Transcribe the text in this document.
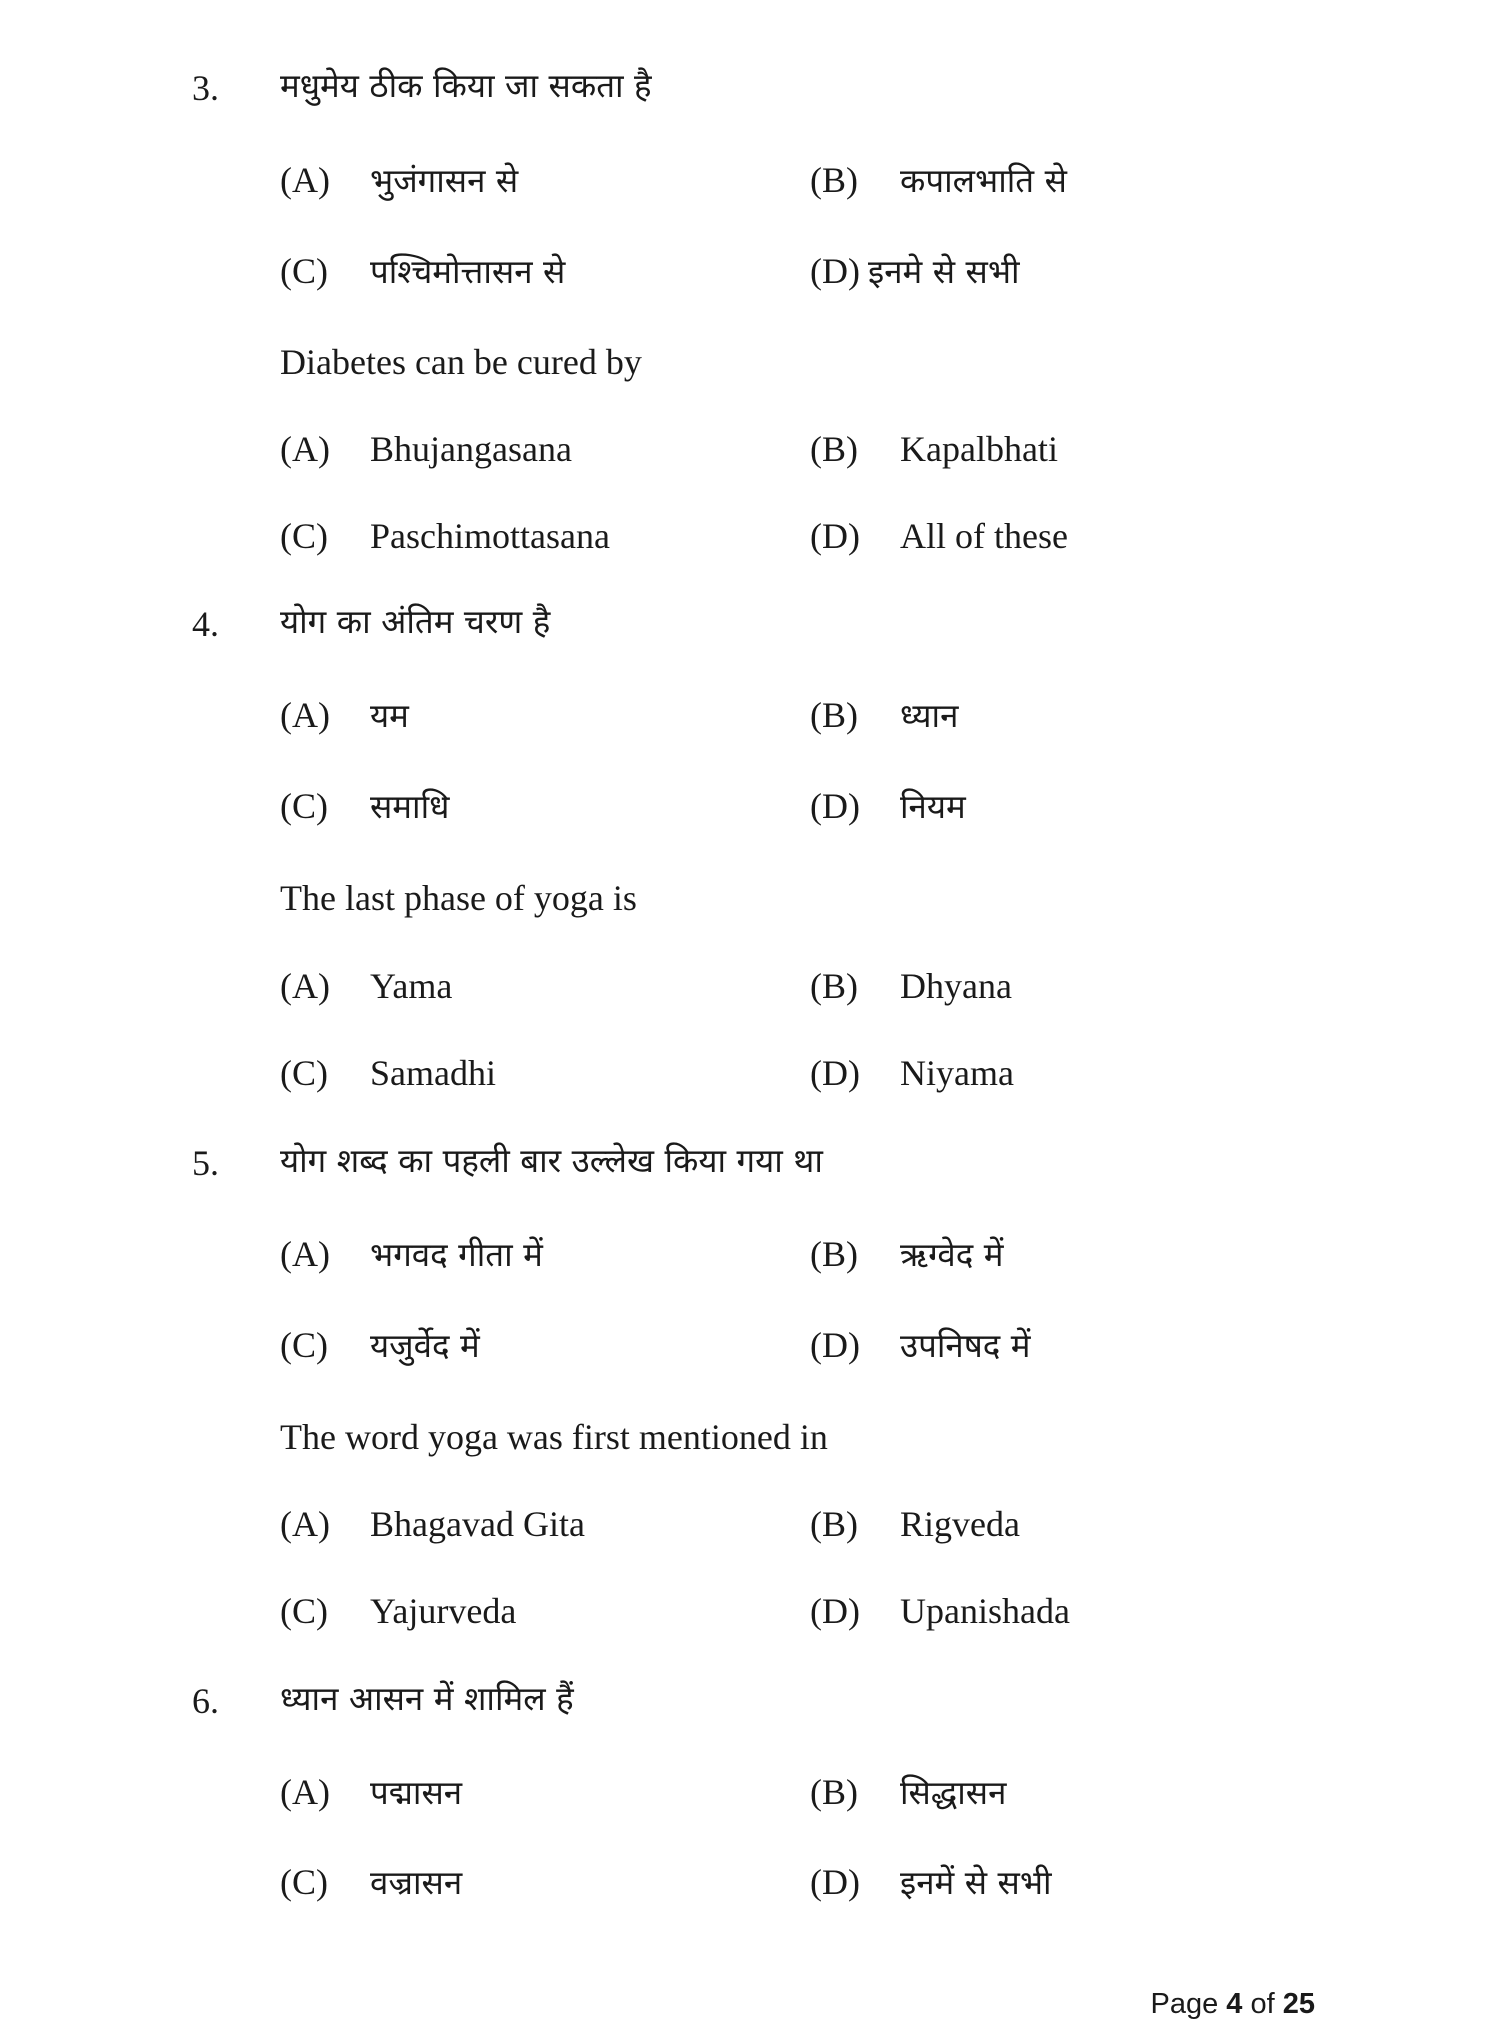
3. मधुमेय ठीक किया जा सकता है
(A) भुजंगासन से	(B) कपालभाति से
(C) पश्चिमोत्तासन से	(D) इनमे से सभी
Diabetes can be cured by
(A) Bhujangasana	(B) Kapalbhati
(C) Paschimottasana	(D) All of these
4. योग का अंतिम चरण है
(A) यम	(B) ध्यान
(C) समाधि	(D) नियम
The last phase of yoga is
(A) Yama	(B) Dhyana
(C) Samadhi	(D) Niyama
5. योग शब्द का पहली बार उल्लेख किया गया था
(A) भगवद गीता में	(B) ऋग्वेद में
(C) यजुर्वेद में	(D) उपनिषद में
The word yoga was first mentioned in
(A) Bhagavad Gita	(B) Rigveda
(C) Yajurveda	(D) Upanishada
6. ध्यान आसन में शामिल हैं
(A) पद्मासन	(B) सिद्धासन
(C) वज्रासन	(D) इनमें से सभी
Page 4 of 25
